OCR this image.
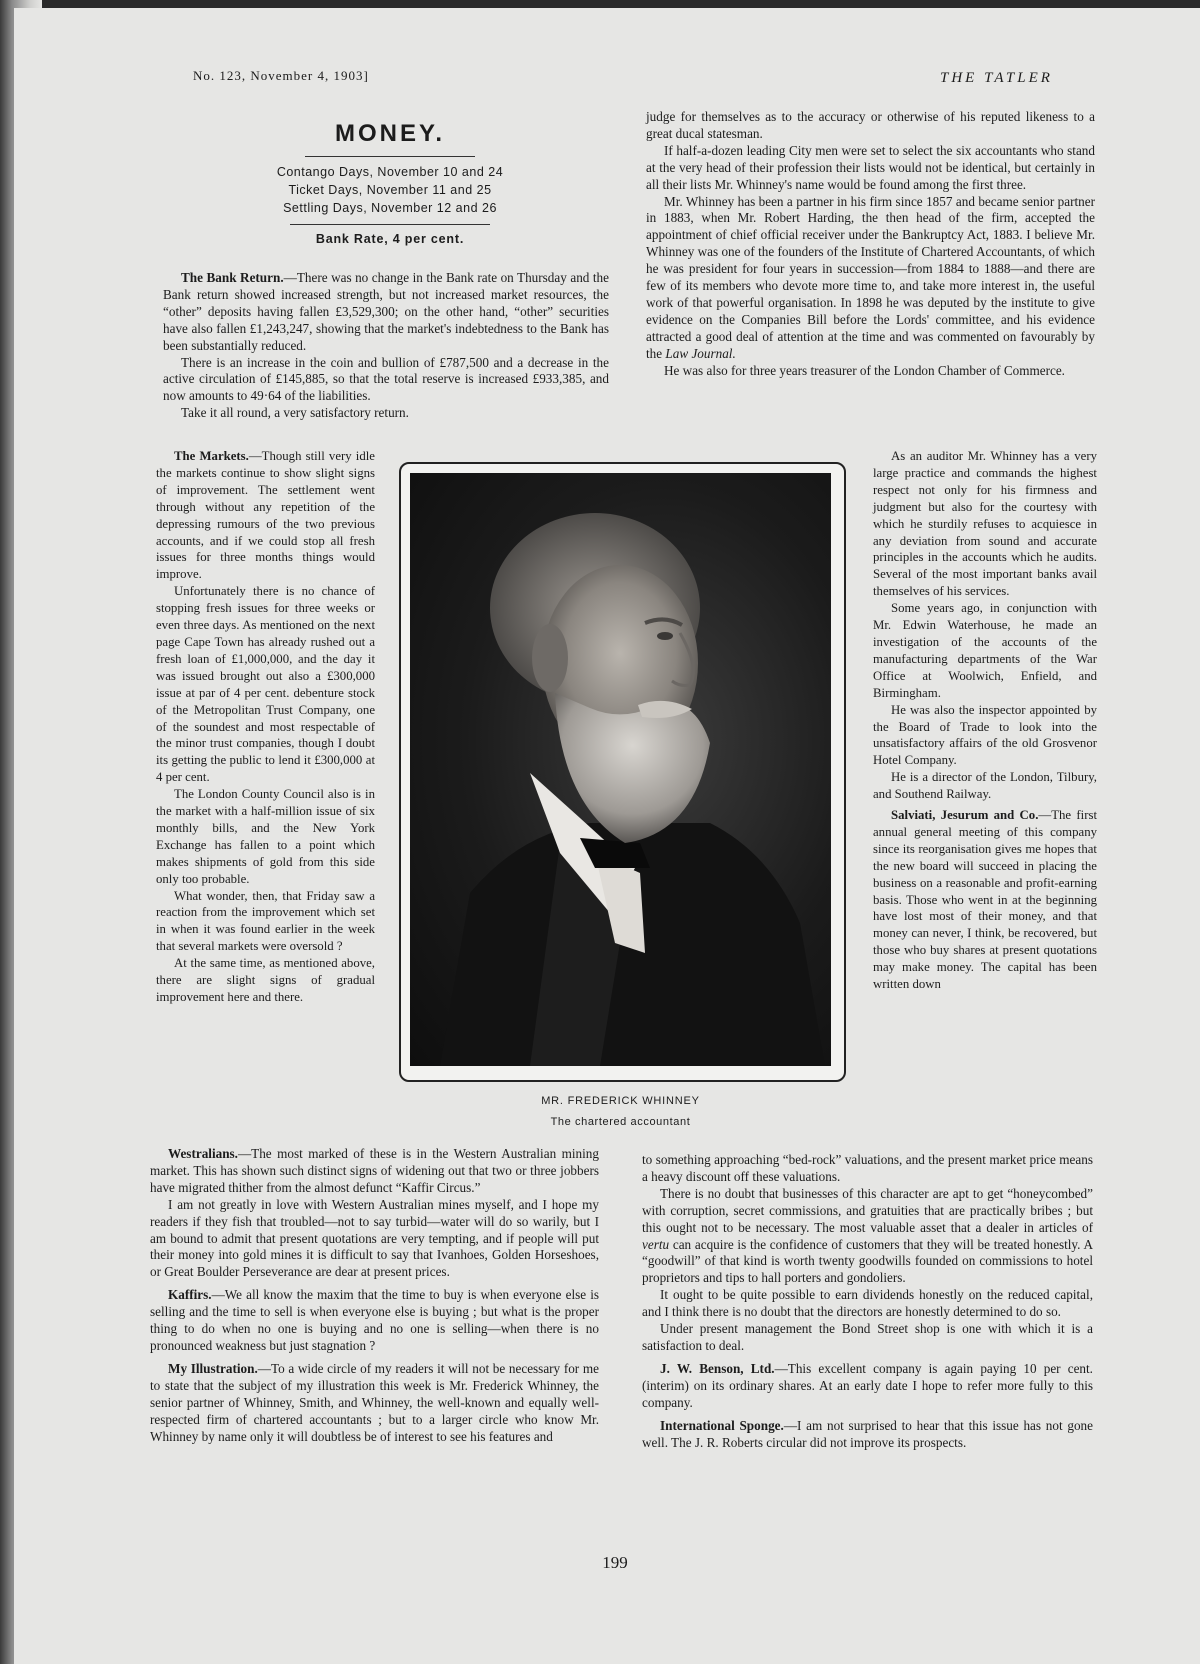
No. 123, November 4, 1903]	THE TATLER
MONEY.
Contango Days, November 10 and 24
Ticket Days, November 11 and 25
Settling Days, November 12 and 26
Bank Rate, 4 per cent.

The Bank Return.—There was no change in the Bank rate on Thursday and the Bank return showed increased strength, but not increased market resources, the “other” deposits having fallen £3,529,300; on the other hand, “other” securities have also fallen £1,243,247, showing that the market's indebtedness to the Bank has been substantially reduced.

There is an increase in the coin and bullion of £787,500 and a decrease in the active circulation of £145,885, so that the total reserve is increased £933,385, and now amounts to 49·64 of the liabilities.

Take it all round, a very satisfactory return.

The Markets.—Though still very idle the markets continue to show slight signs of improvement. The settlement went through without any repetition of the depressing rumours of the two previous accounts, and if we could stop all fresh issues for three months things would improve.

Unfortunately there is no chance of stopping fresh issues for three weeks or even three days. As mentioned on the next page Cape Town has already rushed out a fresh loan of £1,000,000, and the day it was issued brought out also a £300,000 issue at par of 4 per cent. debenture stock of the Metropolitan Trust Company, one of the soundest and most respectable of the minor trust companies, though I doubt its getting the public to lend it £300,000 at 4 per cent.

The London County Council also is in the market with a half-million issue of six monthly bills, and the New York Exchange has fallen to a point which makes shipments of gold from this side only too probable.

What wonder, then, that Friday saw a reaction from the improvement which set in when it was found earlier in the week that several markets were oversold ?

At the same time, as mentioned above, there are slight signs of gradual improvement here and there.

MR. FREDERICK WHINNEY
The chartered accountant

Westralians.—The most marked of these is in the Western Australian mining market. This has shown such distinct signs of widening out that two or three jobbers have migrated thither from the almost defunct “Kaffir Circus.”

I am not greatly in love with Western Australian mines myself, and I hope my readers if they fish that troubled—not to say turbid—water will do so warily, but I am bound to admit that present quotations are very tempting, and if people will put their money into gold mines it is difficult to say that Ivanhoes, Golden Horseshoes, or Great Boulder Perseverance are dear at present prices.

Kaffirs.—We all know the maxim that the time to buy is when everyone else is selling and the time to sell is when everyone else is buying ; but what is the proper thing to do when no one is buying and no one is selling—when there is no pronounced weakness but just stagnation ?

My Illustration.—To a wide circle of my readers it will not be necessary for me to state that the subject of my illustration this week is Mr. Frederick Whinney, the senior partner of Whinney, Smith, and Whinney, the well-known and equally well-respected firm of chartered accountants ; but to a larger circle who know Mr. Whinney by name only it will doubtless be of interest to see his features and

judge for themselves as to the accuracy or otherwise of his reputed likeness to a great ducal statesman.

If half-a-dozen leading City men were set to select the six accountants who stand at the very head of their profession their lists would not be identical, but certainly in all their lists Mr. Whinney's name would be found among the first three.

Mr. Whinney has been a partner in his firm since 1857 and became senior partner in 1883, when Mr. Robert Harding, the then head of the firm, accepted the appointment of chief official receiver under the Bankruptcy Act, 1883. I believe Mr. Whinney was one of the founders of the Institute of Chartered Accountants, of which he was president for four years in succession—from 1884 to 1888—and there are few of its members who devote more time to, and take more interest in, the useful work of that powerful organisation. In 1898 he was deputed by the institute to give evidence on the Companies Bill before the Lords' committee, and his evidence attracted a good deal of attention at the time and was commented on favourably by the Law Journal.

He was also for three years treasurer of the London Chamber of Commerce.

As an auditor Mr. Whinney has a very large practice and commands the highest respect not only for his firmness and judgment but also for the courtesy with which he sturdily refuses to acquiesce in any deviation from sound and accurate principles in the accounts which he audits. Several of the most important banks avail themselves of his services.

Some years ago, in conjunction with Mr. Edwin Waterhouse, he made an investigation of the accounts of the manufacturing departments of the War Office at Woolwich, Enfield, and Birmingham.

He was also the inspector appointed by the Board of Trade to look into the unsatisfactory affairs of the old Grosvenor Hotel Company.

He is a director of the London, Tilbury, and Southend Railway.

Salviati, Jesurum and Co.—The first annual general meeting of this company since its reorganisation gives me hopes that the new board will succeed in placing the business on a reasonable and profit-earning basis. Those who went in at the beginning have lost most of their money, and that money can never, I think, be recovered, but those who buy shares at present quotations may make money. The capital has been written down

to something approaching “bed-rock” valuations, and the present market price means a heavy discount off these valuations.

There is no doubt that businesses of this character are apt to get “honeycombed” with corruption, secret commissions, and gratuities that are practically bribes ; but this ought not to be necessary. The most valuable asset that a dealer in articles of vertu can acquire is the confidence of customers that they will be treated honestly. A “goodwill” of that kind is worth twenty goodwills founded on commissions to hotel proprietors and tips to hall porters and gondoliers.

It ought to be quite possible to earn dividends honestly on the reduced capital, and I think there is no doubt that the directors are honestly determined to do so.

Under present management the Bond Street shop is one with which it is a satisfaction to deal.

J. W. Benson, Ltd.—This excellent company is again paying 10 per cent. (interim) on its ordinary shares. At an early date I hope to refer more fully to this company.

International Sponge.—I am not surprised to hear that this issue has not gone well. The J. R. Roberts circular did not improve its prospects.

199
